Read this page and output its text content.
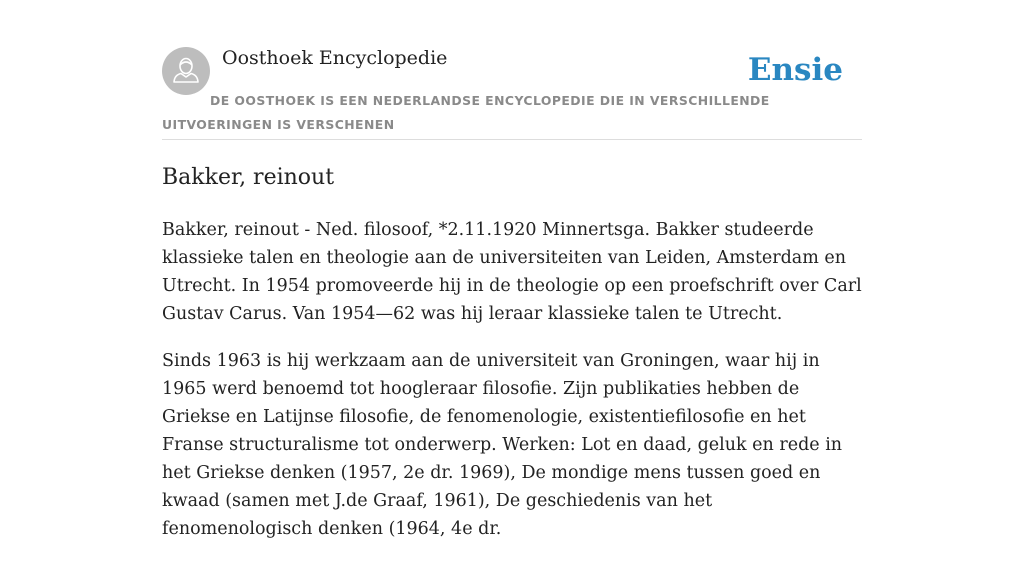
Oosthoek Encyclopedie	Ensie
DE OOSTHOEK IS EEN NEDERLANDSE ENCYCLOPEDIE DIE IN VERSCHILLENDE UITVOERINGEN IS VERSCHENEN
Bakker, reinout

Bakker, reinout - Ned. filosoof, *2.11.1920 Minnertsga. Bakker studeerde klassieke talen en theologie aan de universiteiten van Leiden, Amsterdam en Utrecht. In 1954 promoveerde hij in de theologie op een proefschrift over Carl Gustav Carus. Van 1954—62 was hij leraar klassieke talen te Utrecht.

Sinds 1963 is hij werkzaam aan de universiteit van Groningen, waar hij in 1965 werd benoemd tot hoogleraar filosofie. Zijn publikaties hebben de Griekse en Latijnse filosofie, de fenomenologie, existentiefilosofie en het Franse structuralisme tot onderwerp. Werken: Lot en daad, geluk en rede in het Griekse denken (1957, 2e dr. 1969), De mondige mens tussen goed en kwaad (samen met J.de Graaf, 1961), De geschiedenis van het fenomenologisch denken (1964, 4e dr.
